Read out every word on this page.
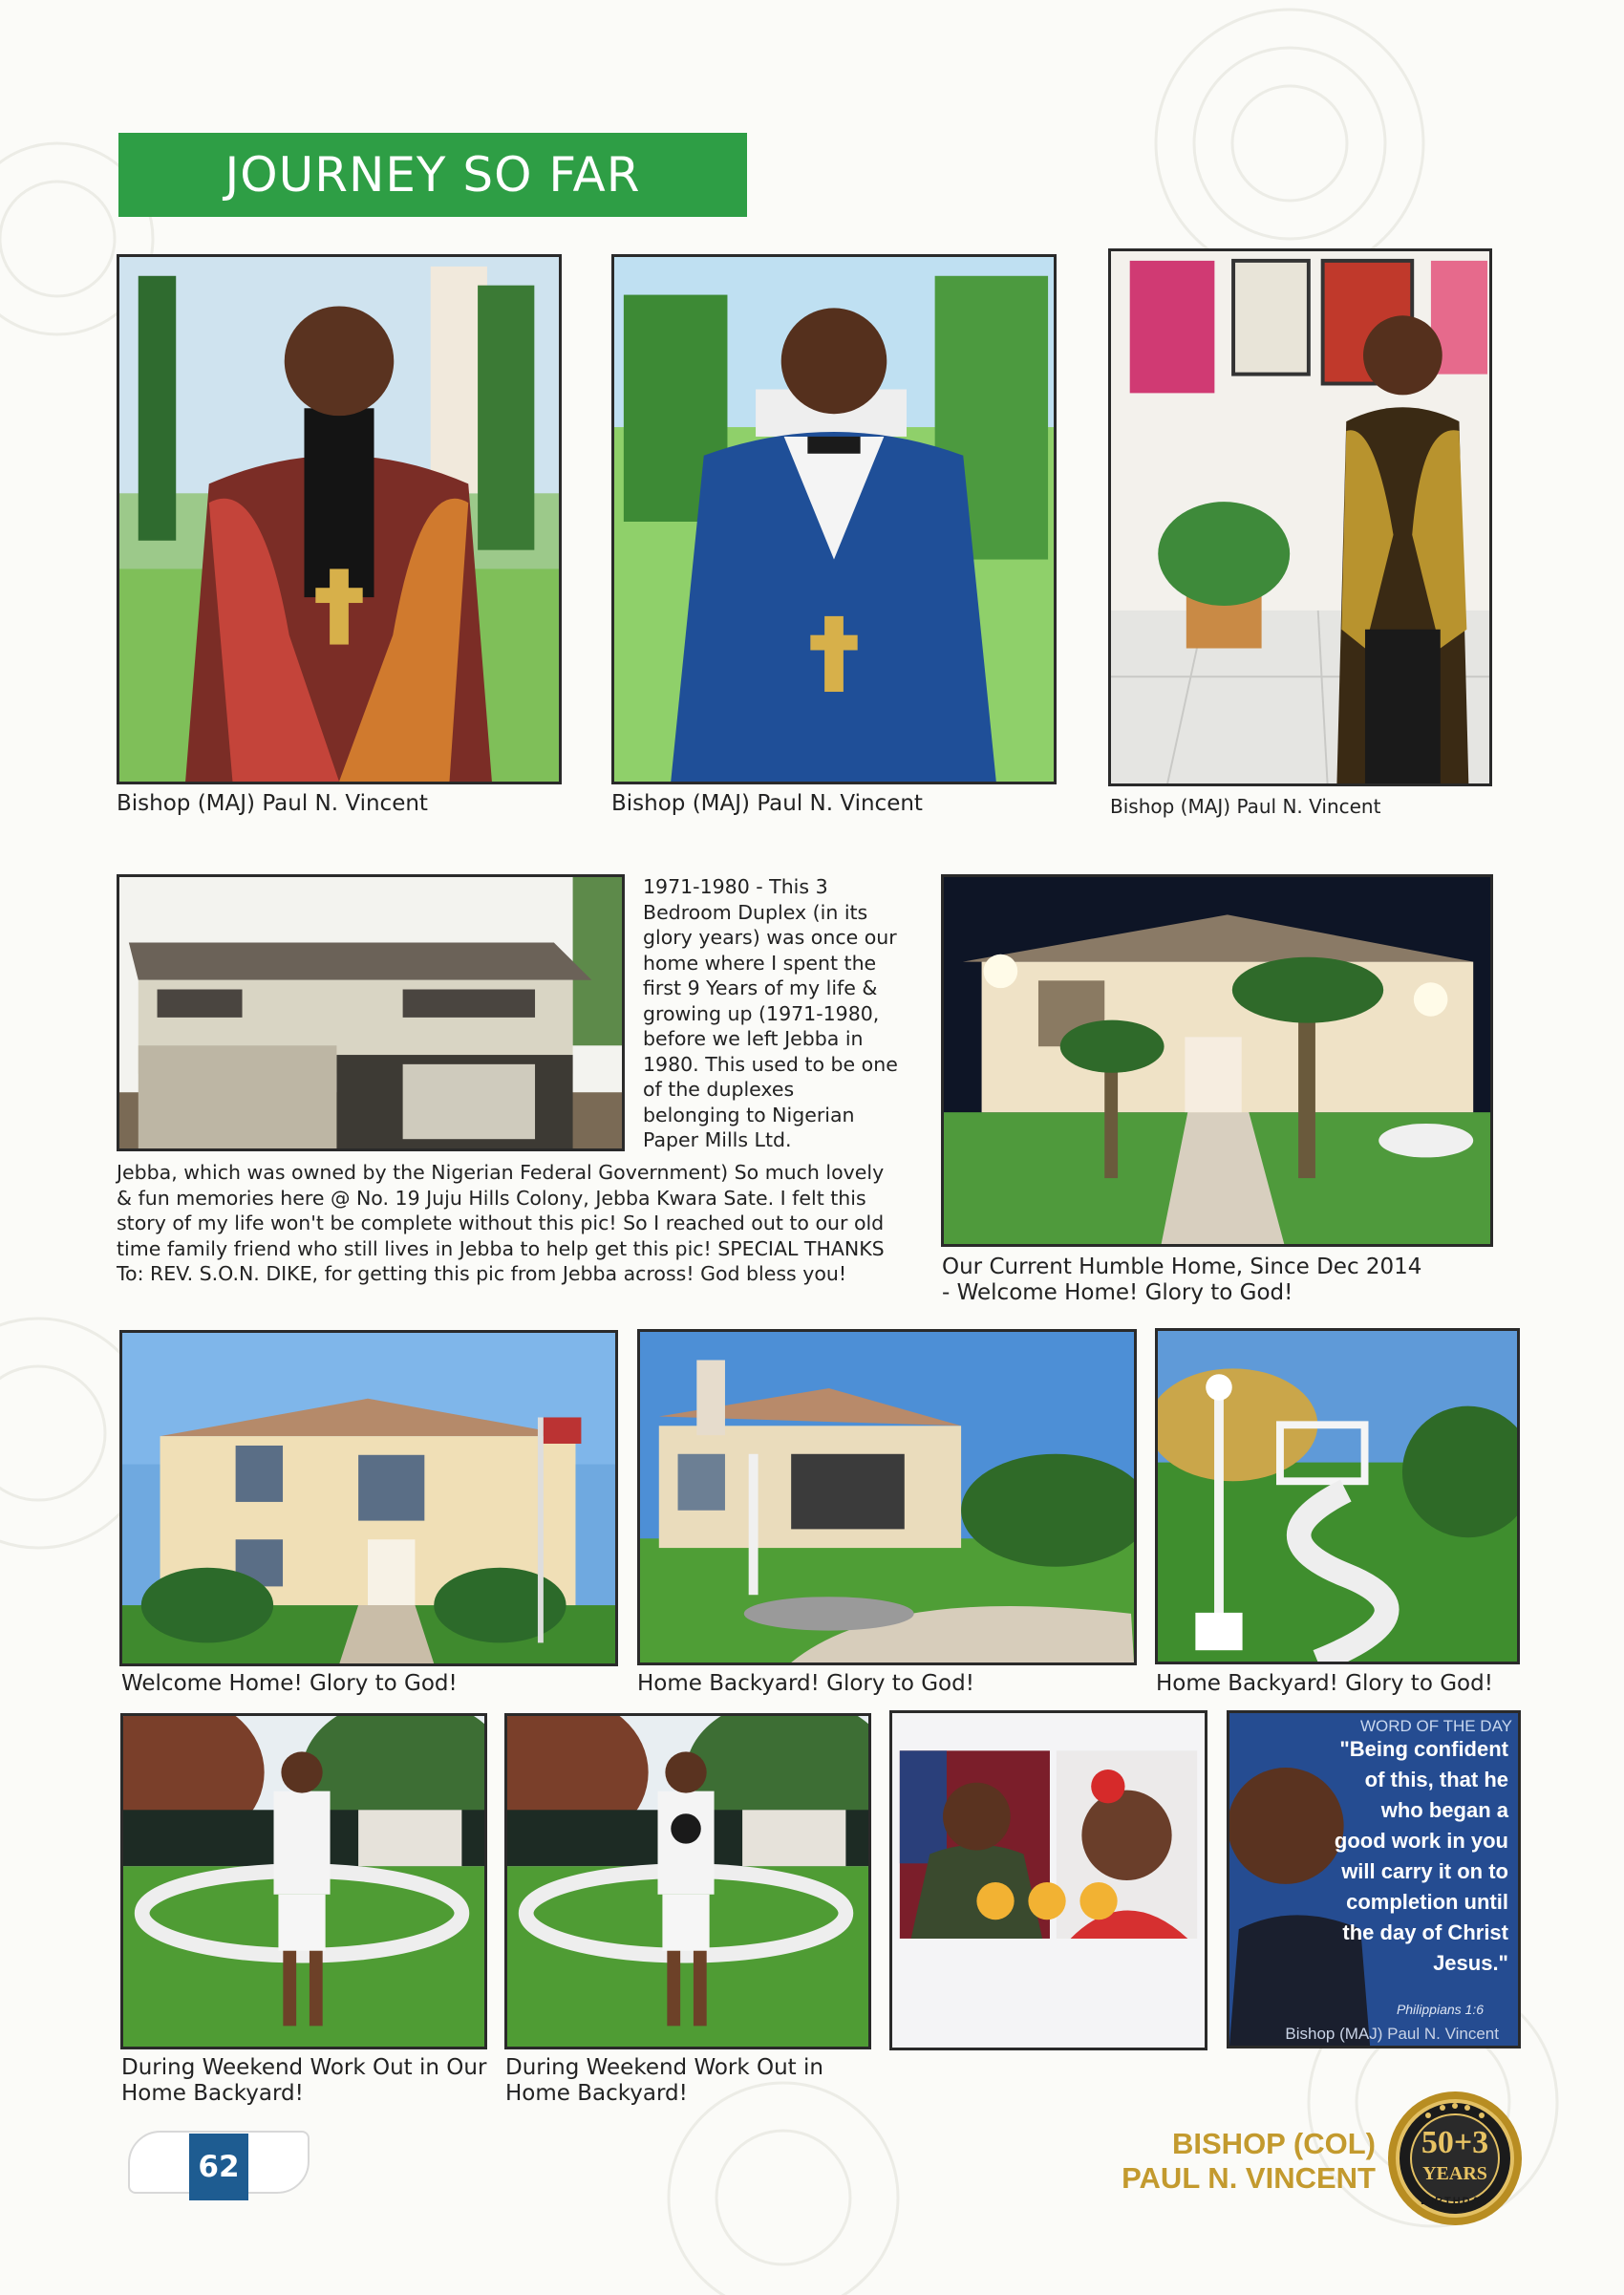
JOURNEY SO FAR
Bishop (MAJ) Paul N. Vincent	Bishop (MAJ) Paul N. Vincent	Bishop (MAJ) Paul N. Vincent
1971-1980 - This 3
Bedroom Duplex (in its
glory years) was once our
home where I spent the
first 9 Years of my life &
growing up (1971-1980,
before we left Jebba in
1980. This used to be one
of the duplexes
belonging to Nigerian
Paper Mills Ltd.
Jebba, which was owned by the Nigerian Federal Government) So much lovely
& fun memories here @ No. 19 Juju Hills Colony, Jebba Kwara Sate. I felt this
story of my life won't be complete without this pic! So I reached out to our old
time family friend who still lives in Jebba to help get this pic! SPECIAL THANKS
To: REV. S.O.N. DIKE, for getting this pic from Jebba across! God bless you!	Our Current Humble Home, Since Dec 2014
- Welcome Home! Glory to God!
Welcome Home! Glory to God!	Home Backyard! Glory to God!	Home Backyard! Glory to God!
WORD OF THE DAY
"Being confident
of this, that he
who began a
good work in you
will carry it on to
completion until
the day of Christ
Jesus."
Philippians 1:6
Bishop (MAJ) Paul N. Vincent
During Weekend Work Out in Our
Home Backyard!
During Weekend Work Out in
Home Backyard!
62
BISHOP (COL)
PAUL N. VINCENT
50+3
YEARS
BIRTHDAY
